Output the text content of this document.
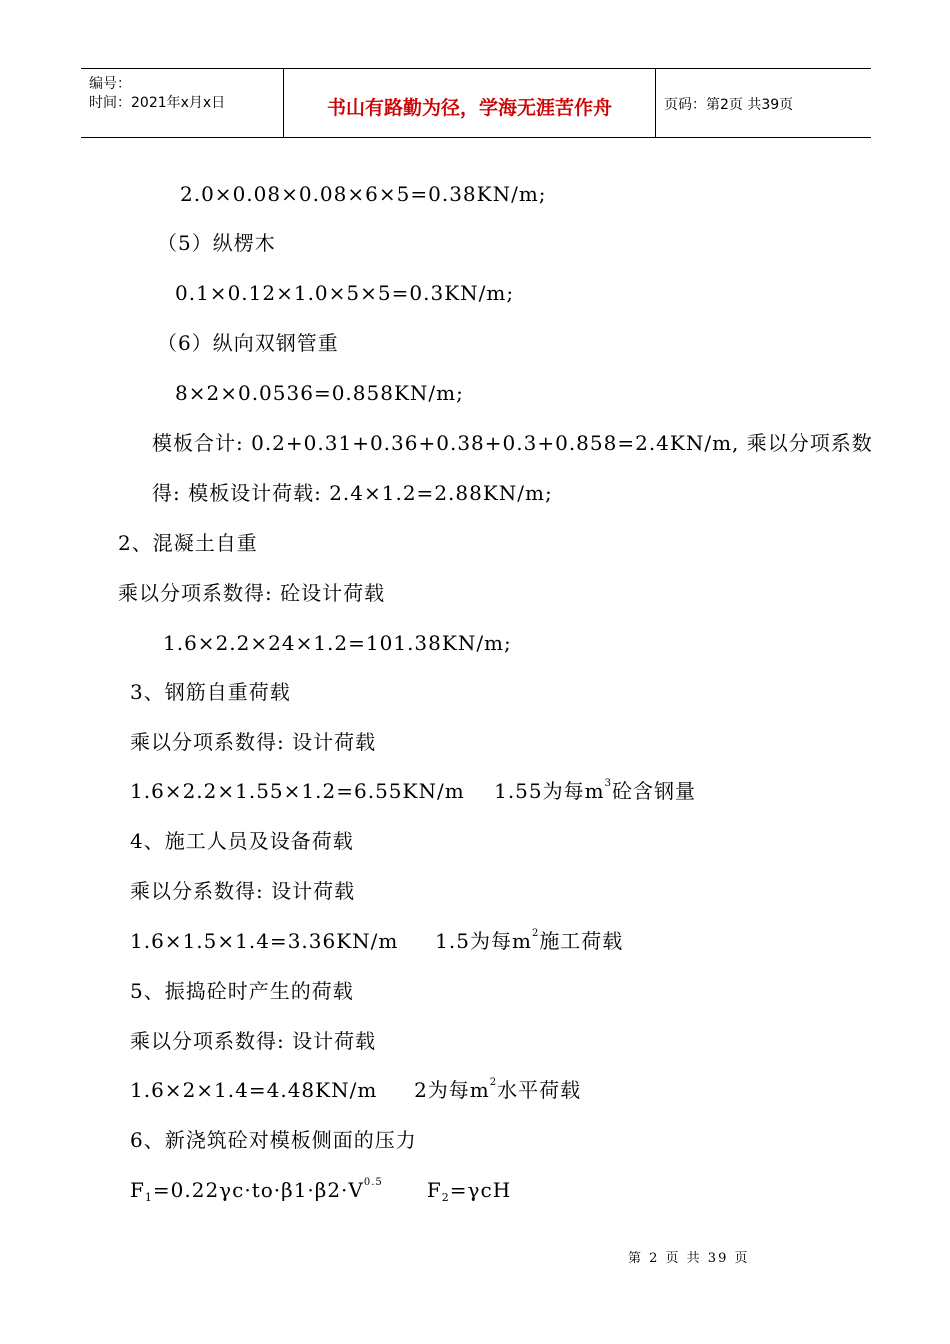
编号：
时间：2021年x月x日	书山有路勤为径，学海无涯苦作舟	页码：第2页 共39页
2.0×0.08×0.08×6×5=0.38KN/m;
（5）纵楞木
0.1×0.12×1.0×5×5=0.3KN/m;
（6）纵向双钢管重
8×2×0.0536=0.858KN/m;
模板合计: 0.2+0.31+0.36+0.38+0.3+0.858=2.4KN/m, 乘以分项系数
得: 模板设计荷载: 2.4×1.2=2.88KN/m;
2、混凝土自重
乘以分项系数得: 砼设计荷载
1.6×2.2×24×1.2=101.38KN/m;
3、钢筋自重荷载
乘以分项系数得: 设计荷载
1.6×2.2×1.55×1.2=6.55KN/m    1.55为每$m^3$砼含钢量
4、施工人员及设备荷载
乘以分系数得: 设计荷载
1.6×1.5×1.4=3.36KN/m     1.5为每$m^2$施工荷载
5、振捣砼时产生的荷载
乘以分项系数得: 设计荷载
1.6×2×1.4=4.48KN/m     2为每$m^2$水平荷载
6、新浇筑砼对模板侧面的压力
$F_1=0.22\gamma c\cdot to\cdot\beta 1\cdot\beta 2\cdot V^{0.5}$      $F_2=\gamma cH$
第 2 页 共 39 页
